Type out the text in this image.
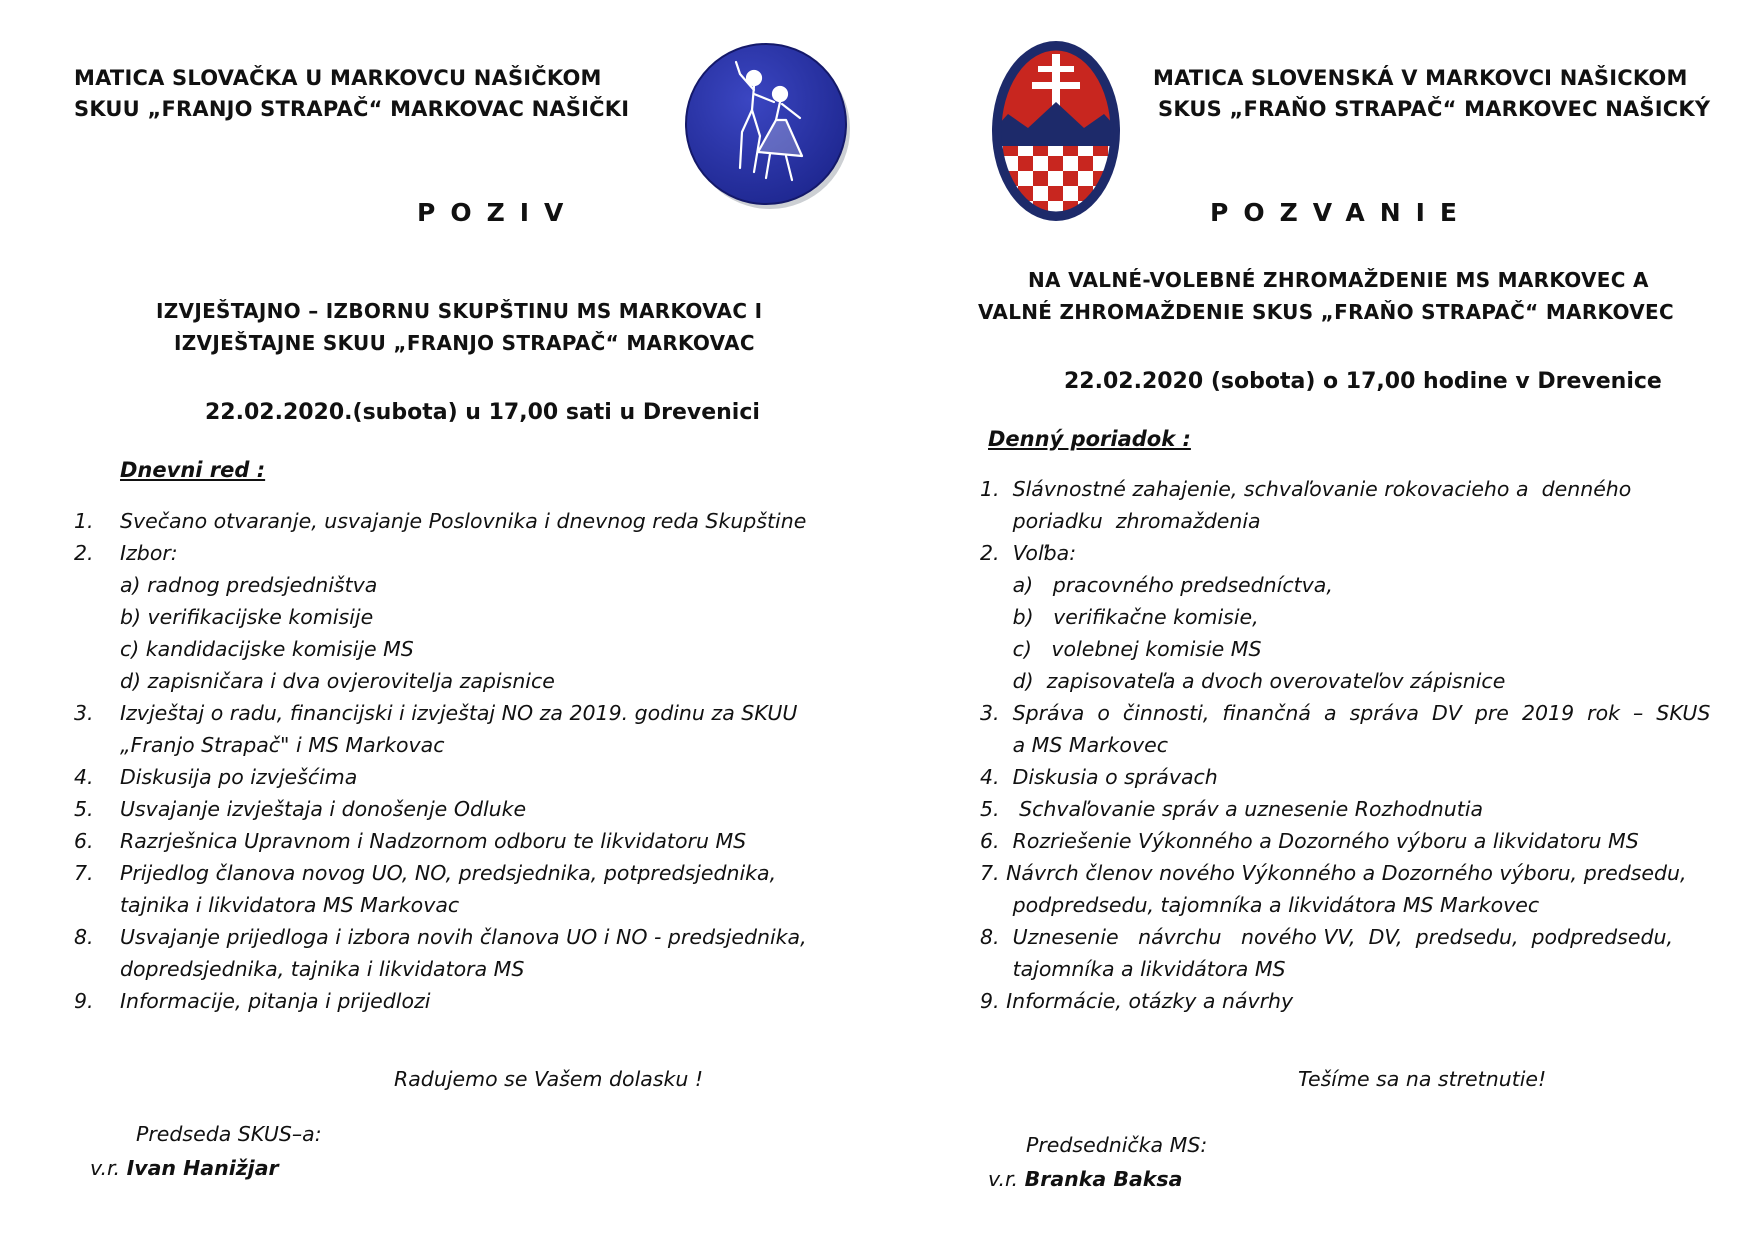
MATICA SLOVAČKA U MARKOVCU NAŠIČKOM
SKUU „FRANJO STRAPAČ“ MARKOVAC NAŠIČKI
POZIV
IZVJEŠTAJNO – IZBORNU SKUPŠTINU MS MARKOVAC I
IZVJEŠTAJNE SKUU „FRANJO STRAPAČ“ MARKOVAC
22.02.2020.(subota) u 17,00 sati u Drevenici
Dnevni red :
1. Svečano otvaranje, usvajanje Poslovnika i dnevnog reda Skupštine
2. Izbor:
a) radnog predsjedništva
b) verifikacijske komisije
c) kandidacijske komisije MS
d) zapisničara i dva ovjerovitelja zapisnice
3. Izvještaj o radu, financijski i izvještaj NO za 2019. godinu za SKUU
„Franjo Strapač" i MS Markovac
4. Diskusija po izvješćima
5. Usvajanje izvještaja i donošenje Odluke
6. Razrješnica Upravnom i Nadzornom odboru te likvidatoru MS
7. Prijedlog članova novog UO, NO, predsjednika, potpredsjednika,
tajnika i likvidatora MS Markovac
8. Usvajanje prijedloga i izbora novih članova UO i NO - predsjednika,
dopredsjednika, tajnika i likvidatora MS
9. Informacije, pitanja i prijedlozi
Radujemo se Vašem dolasku !
Predseda SKUS–a:
v.r. Ivan Hanižjar
MATICA SLOVENSKÁ V MARKOVCI NAŠICKOM
SKUS „FRAŇO STRAPAČ“ MARKOVEC NAŠICKÝ
POZVANIE
NA VALNÉ-VOLEBNÉ ZHROMAŽDENIE MS MARKOVEC A
VALNÉ ZHROMAŽDENIE SKUS „FRAŇO STRAPAČ“ MARKOVEC
22.02.2020 (sobota) o 17,00 hodine v Drevenice
Denný poriadok :
1.  Slávnostné zahajenie, schvaľovanie rokovacieho a  denného
poriadku  zhromaždenia
2.  Voľba:
a)   pracovného predsedníctva,
b)   verifikačne komisie,
c)   volebnej komisie MS
d)  zapisovateľa a dvoch overovateľov zápisnice
3.  Správa  o  činnosti,  finančná  a  správa  DV  pre  2019  rok  –  SKUS
a MS Markovec
4.  Diskusia o správach
5.   Schvaľovanie správ a uznesenie Rozhodnutia
6.  Rozriešenie Výkonného a Dozorného výboru a likvidatoru MS
7. Návrch členov nového Výkonného a Dozorného výboru, predsedu,
podpredsedu, tajomníka a likvidátora MS Markovec
8.  Uznesenie   návrchu   nového VV,  DV,  predsedu,  podpredsedu,
tajomníka a likvidátora MS
9. Informácie, otázky a návrhy
Tešíme sa na stretnutie!
Predsednička MS:
v.r. Branka Baksa
